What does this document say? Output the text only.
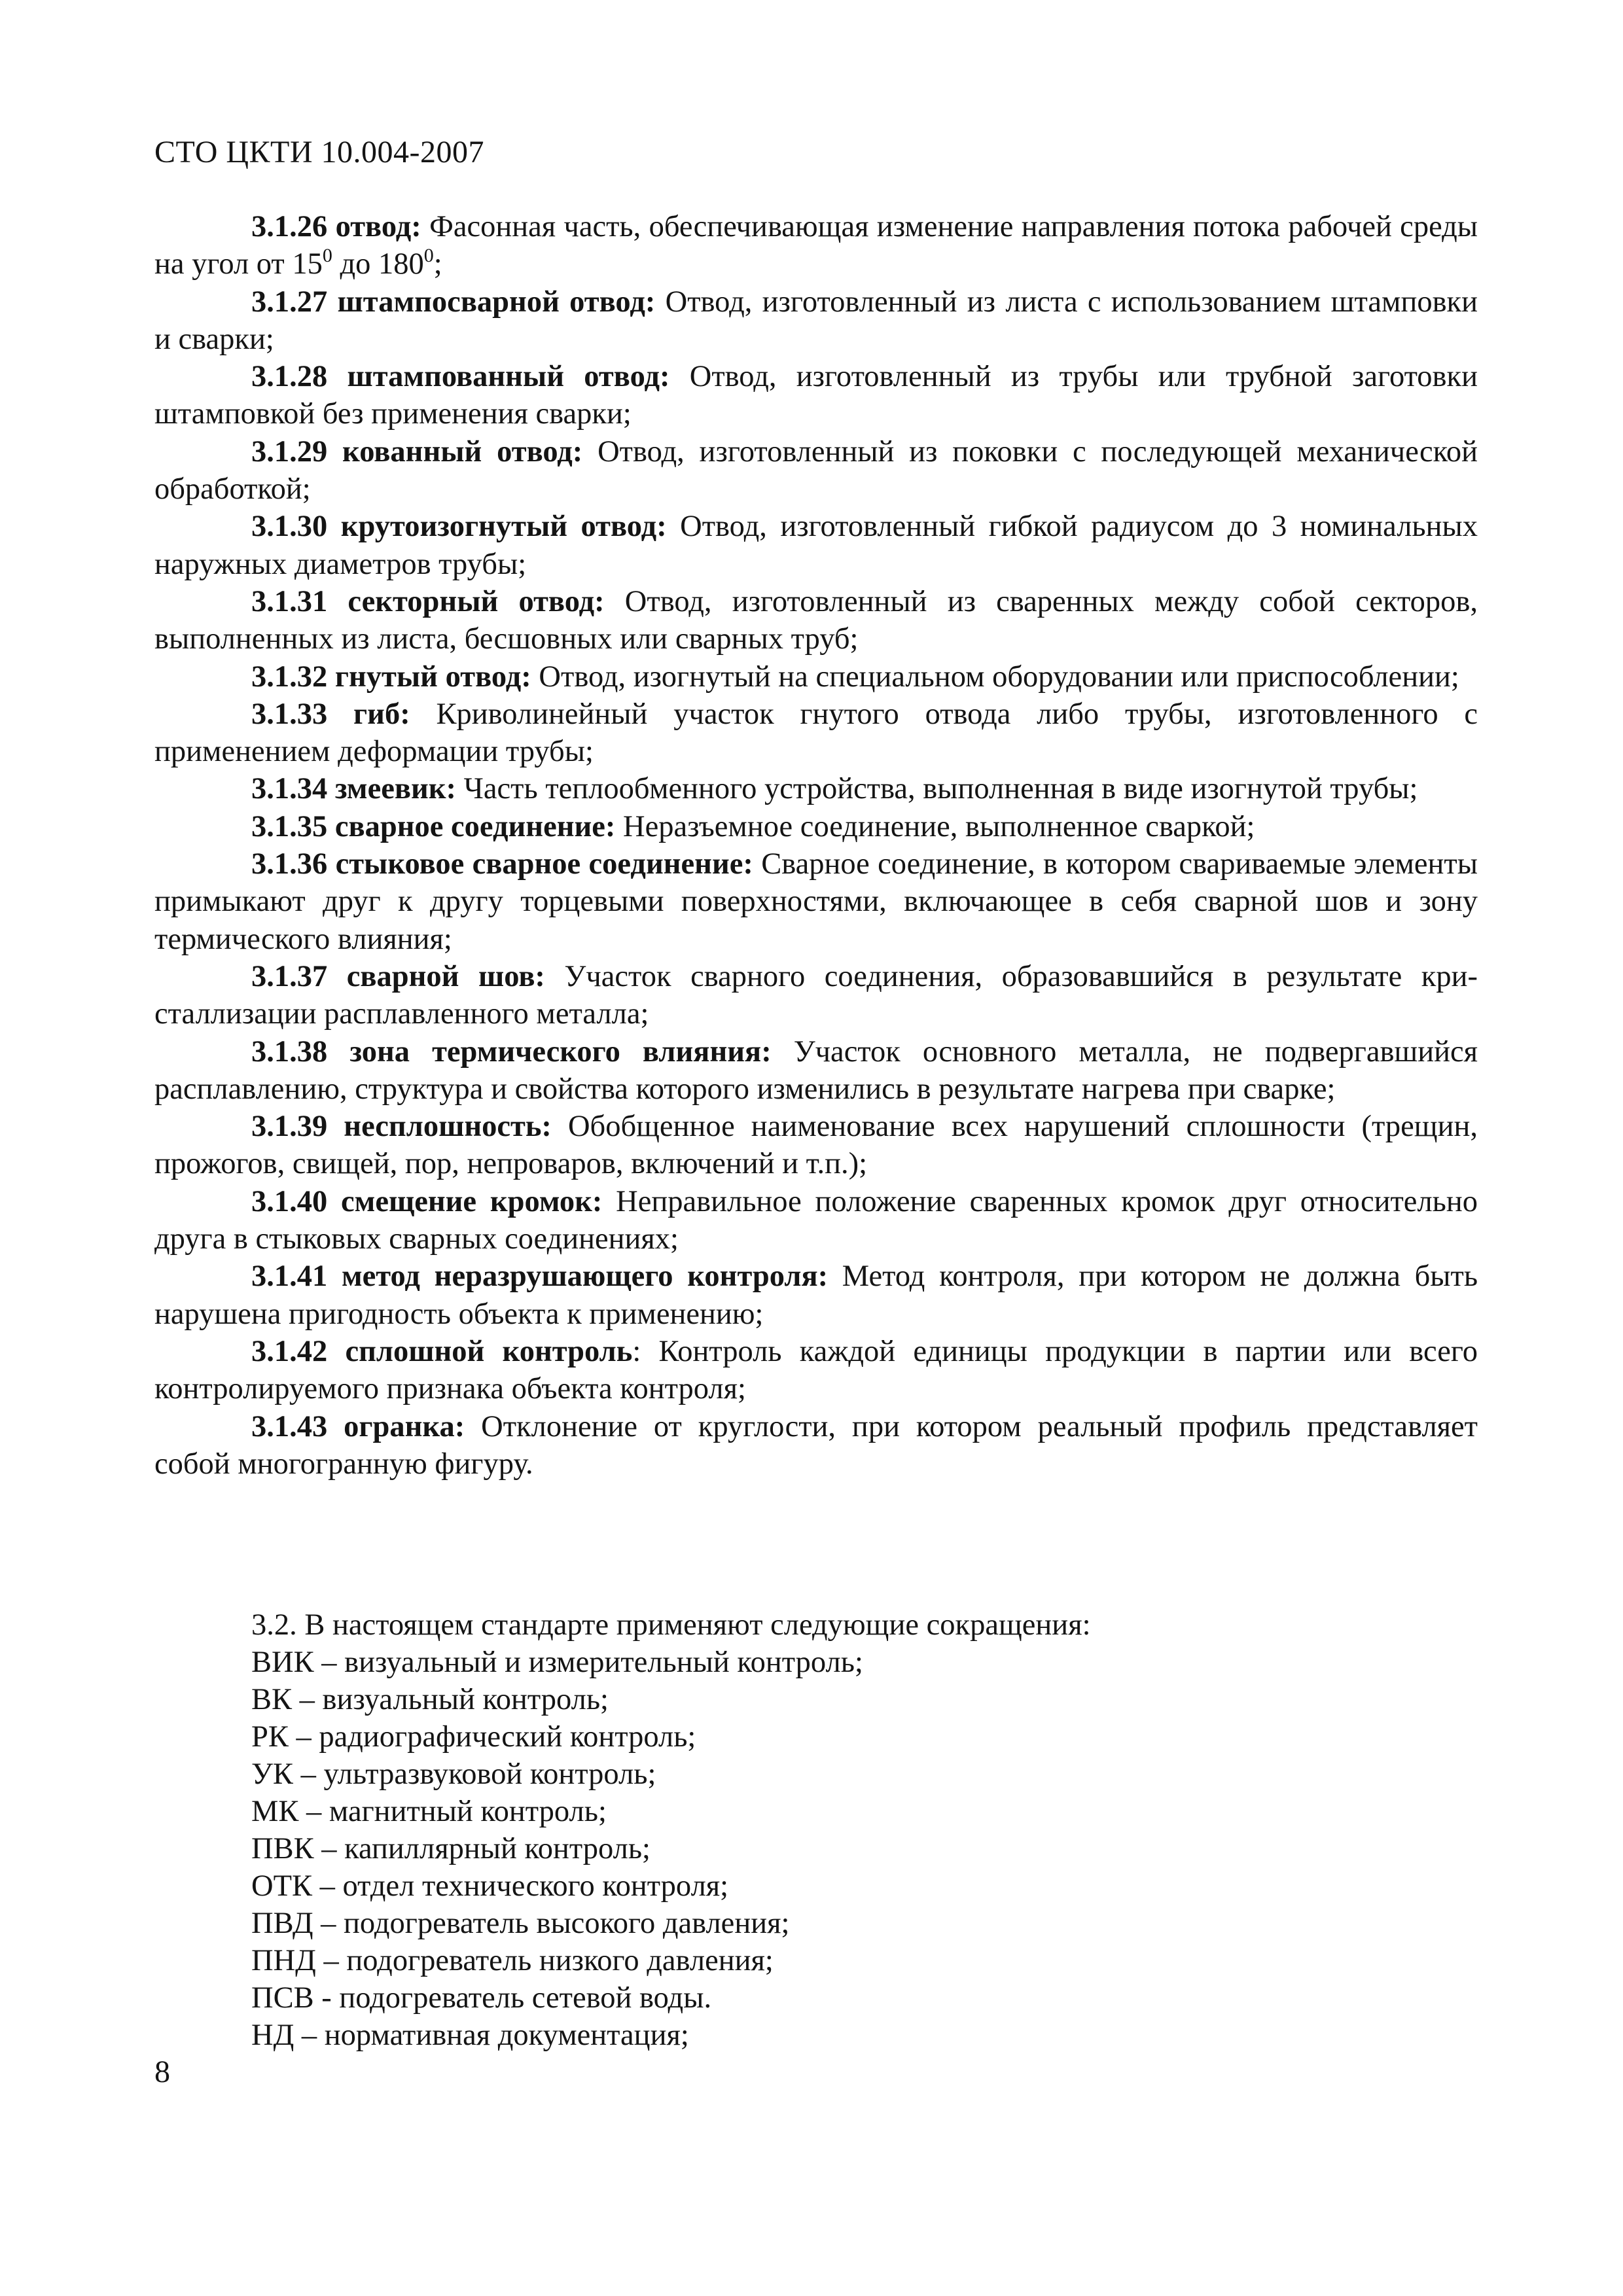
СТО ЦКТИ 10.004-2007

3.1.26 отвод: Фасонная часть, обеспечивающая изменение направления потока рабочей среды на угол от $15^0$ до $180^0$;

3.1.27 штампосварной отвод: Отвод, изготовленный из листа с использованием штамповки и сварки;

3.1.28 штампованный отвод: Отвод, изготовленный из трубы или трубной заготовки штамповкой без применения сварки;

3.1.29 кованный отвод: Отвод, изготовленный из поковки с последующей механической обработкой;

3.1.30 крутоизогнутый отвод: Отвод, изготовленный гибкой радиусом до 3 номинальных наружных диаметров трубы;

3.1.31 секторный отвод: Отвод, изготовленный из сваренных между собой секторов, выполненных из листа, бесшовных или сварных труб;

3.1.32 гнутый отвод: Отвод, изогнутый на специальном оборудовании или приспособлении;

3.1.33 гиб: Криволинейный участок гнутого отвода либо трубы, изготовленного с применением деформации трубы;

3.1.34 змеевик: Часть теплообменного устройства, выполненная в виде изогнутой трубы;

3.1.35 сварное соединение: Неразъемное соединение, выполненное сваркой;

3.1.36 стыковое сварное соединение: Сварное соединение, в котором свариваемые элементы примыкают друг к другу торцевыми поверхностями, включающее в себя сварной шов и зону термического влияния;

3.1.37 сварной шов: Участок сварного соединения, образовавшийся в результате кристаллизации расплавленного металла;

3.1.38 зона термического влияния: Участок основного металла, не подвергавшийся расплавлению, структура и свойства которого изменились в результате нагрева при сварке;

3.1.39 несплошность: Обобщенное наименование всех нарушений сплошности (трещин, прожогов, свищей, пор, непроваров, включений и т.п.);

3.1.40 смещение кромок: Неправильное положение сваренных кромок друг относительно друга в стыковых сварных соединениях;

3.1.41 метод неразрушающего контроля: Метод контроля, при котором не должна быть нарушена пригодность объекта к применению;

3.1.42 сплошной контроль: Контроль каждой единицы продукции в партии или всего контролируемого признака объекта контроля;

3.1.43 огранка: Отклонение от круглости, при котором реальный профиль представляет собой многогранную фигуру.

3.2. В настоящем стандарте применяют следующие сокращения:
ВИК – визуальный и измерительный контроль;
ВК – визуальный контроль;
РК – радиографический контроль;
УК – ультразвуковой контроль;
МК – магнитный контроль;
ПВК – капиллярный контроль;
ОТК – отдел технического контроля;
ПВД – подогреватель высокого давления;
ПНД – подогреватель низкого давления;
ПСВ - подогреватель сетевой воды.
НД – нормативная документация;
8
